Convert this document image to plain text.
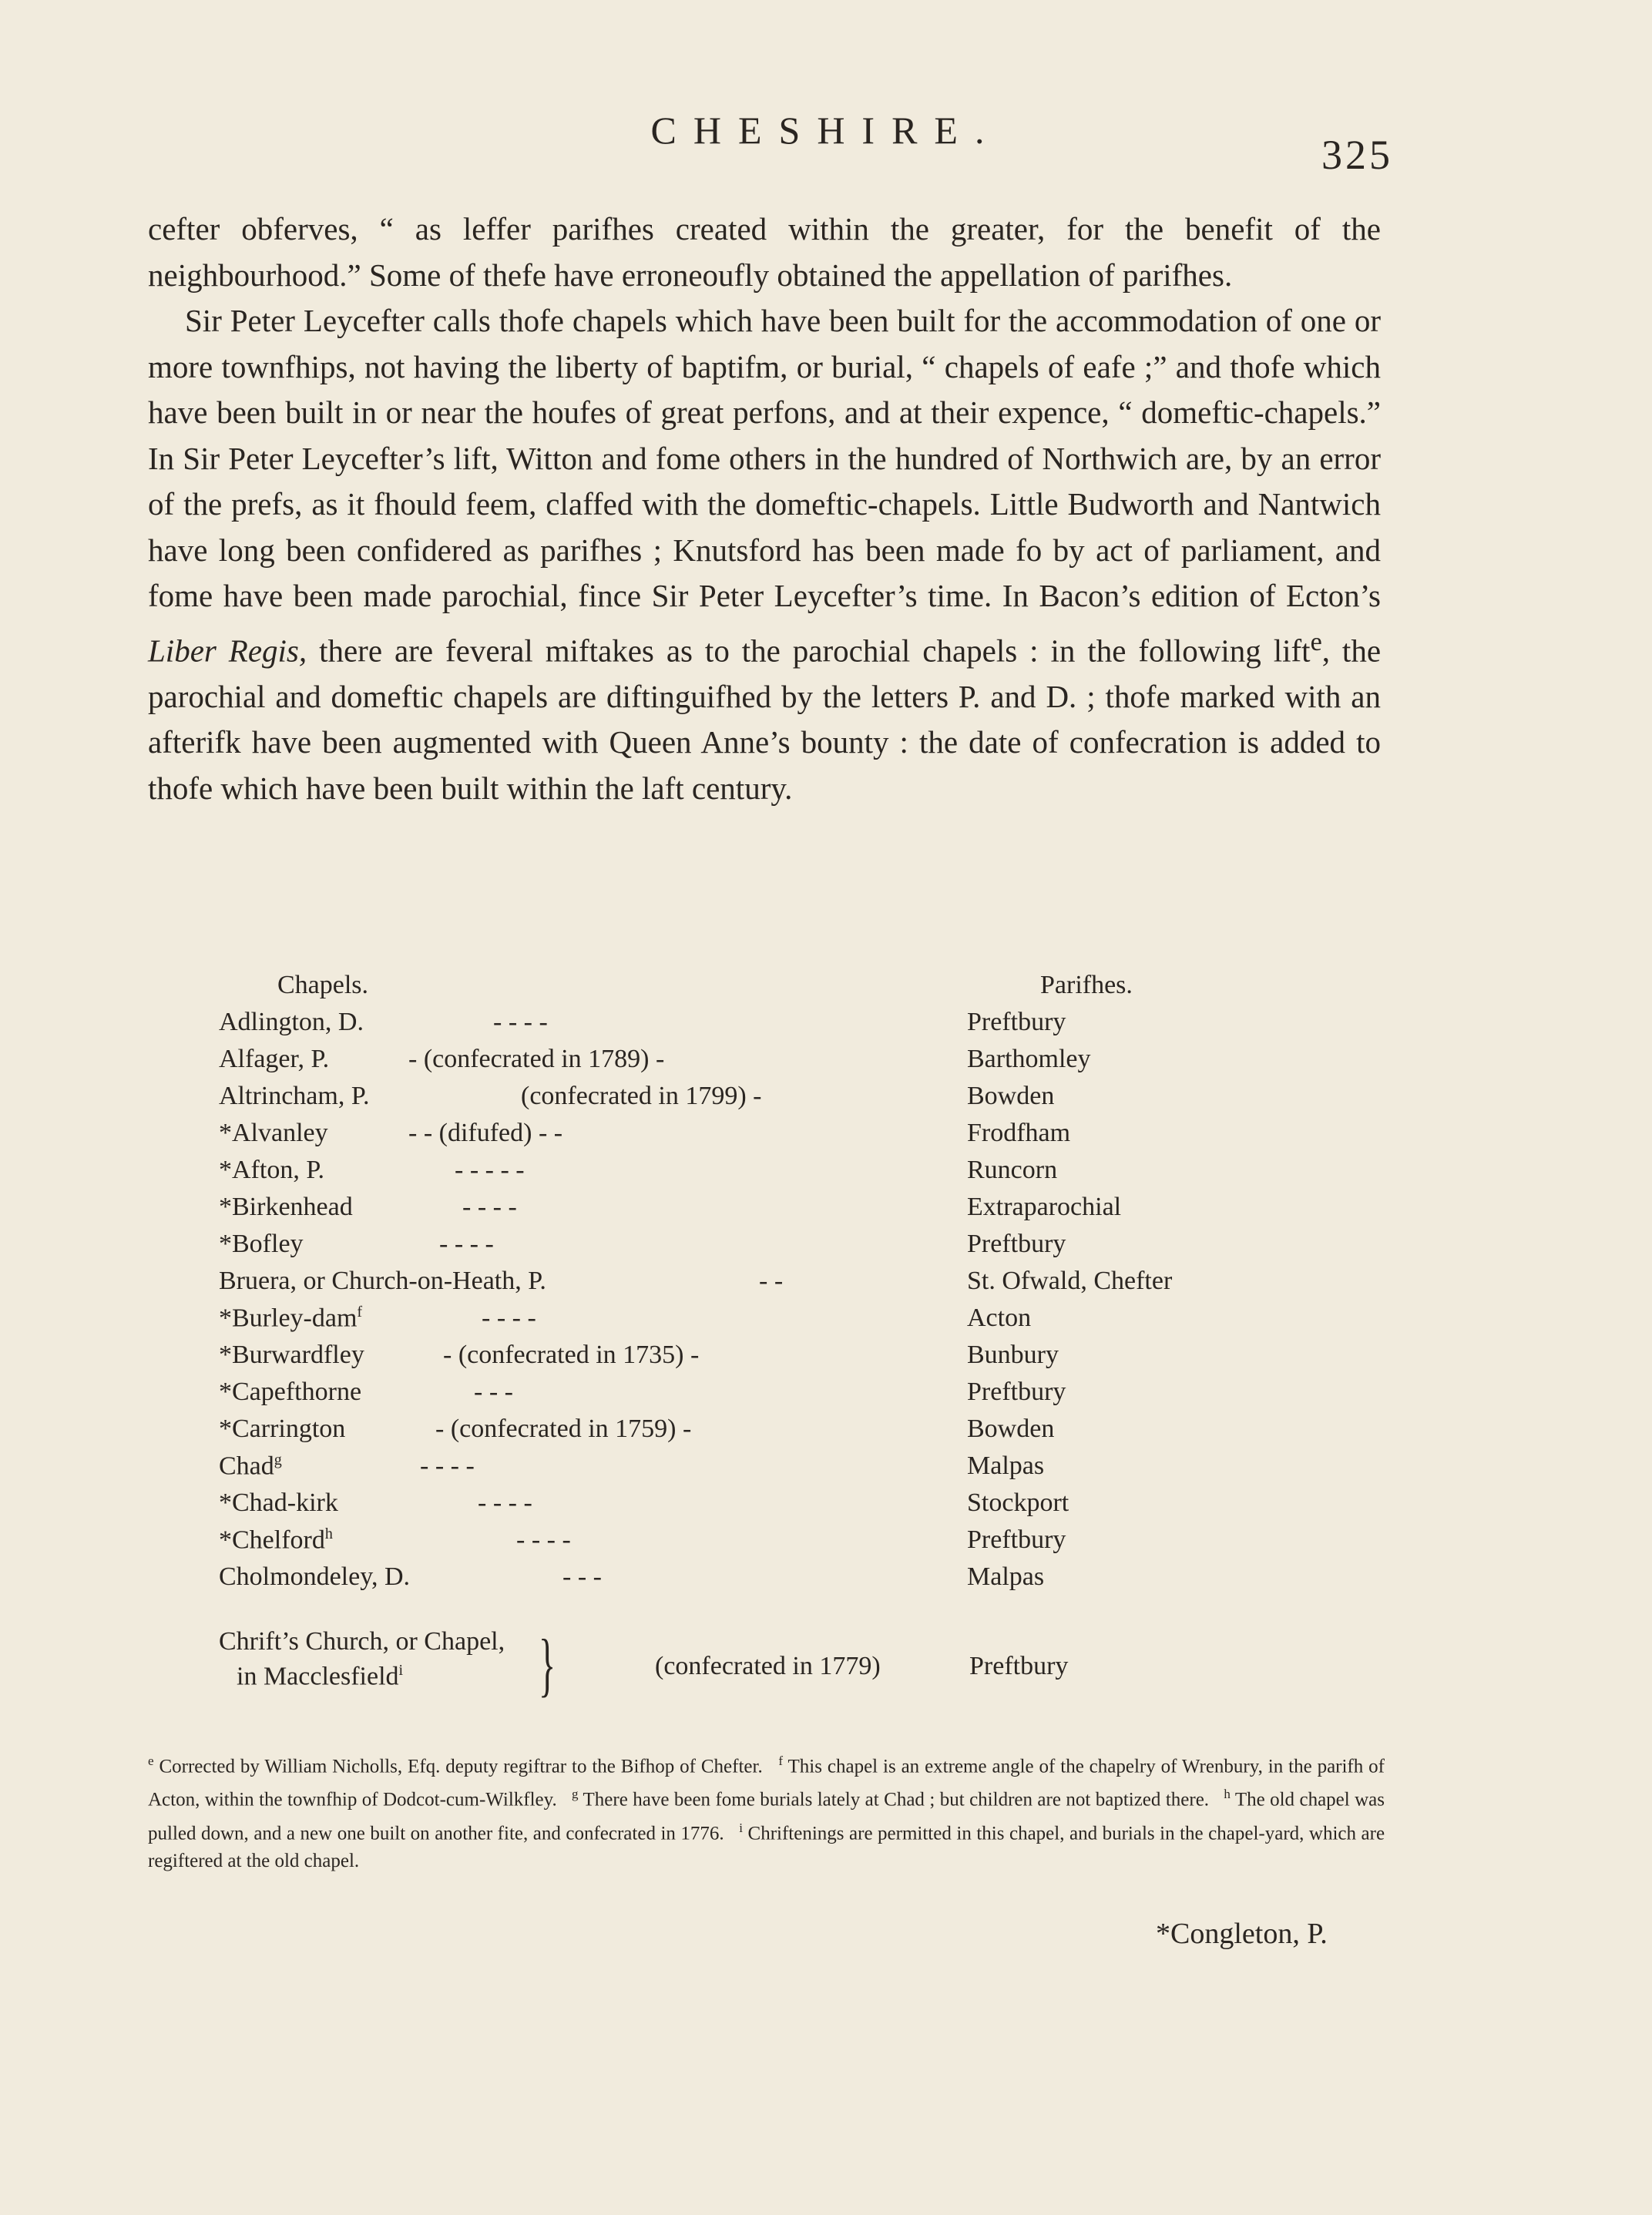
CHESHIRE.
325

cefter obferves, “ as leffer parifhes created within the greater, for the benefit of the neighbourhood.” Some of thefe have erroneoufly obtained the appellation of parifhes.

Sir Peter Leycefter calls thofe chapels which have been built for the accommodation of one or more townfhips, not having the liberty of baptifm, or burial, “ chapels of eafe ;” and thofe which have been built in or near the houfes of great perfons, and at their expence, “ domeftic-chapels.” In Sir Peter Leycefter’s lift, Witton and fome others in the hundred of Northwich are, by an error of the prefs, as it fhould feem, claffed with the domeftic-chapels. Little Budworth and Nantwich have long been confidered as parifhes ; Knutsford has been made fo by act of parliament, and fome have been made parochial, fince Sir Peter Leycefter’s time. In Bacon’s edition of Ecton’s Liber Regis, there are feveral miftakes as to the parochial chapels : in the following lift$^e$, the parochial and domeftic chapels are diftinguifhed by the letters P. and D. ; thofe marked with an afterifk have been augmented with Queen Anne’s bounty : the date of confecration is added to thofe which have been built within the laft century.

Chapels.	Parifhes.
Adlington, D.	- - - -	Preftbury
Alfager, P.	- (confecrated in 1789) -	Barthomley
Altrincham, P.	(confecrated in 1799) -	Bowden
*Alvanley	- - (difufed) - -	Frodfham
*Afton, P.	- - - - -	Runcorn
*Birkenhead	- - - -	Extraparochial
*Bofley	- - - -	Preftbury
Bruera, or Church-on-Heath, P.	- -	St. Ofwald, Chefter
*Burley-dam$^f$	- - - -	Acton
*Burwardfley	- (confecrated in 1735) -	Bunbury
*Capefthorne	- - -	Preftbury
*Carrington	- (confecrated in 1759) -	Bowden
Chad$^g$	- - - -	Malpas
*Chad-kirk	- - - -	Stockport
*Chelford$^h$	- - - -	Preftbury
Cholmondeley, D.	- - -	Malpas
Chrift’s Church, or Chapel,
in Macclesfield$^i$ }	(confecrated in 1779)	Preftbury

$^e$ Corrected by William Nicholls, Efq. deputy regiftrar to the Bifhop of Chefter. $^f$ This chapel is an extreme angle of the chapelry of Wrenbury, in the parifh of Acton, within the townfhip of Dodcot-cum-Wilkfley. $^g$ There have been fome burials lately at Chad ; but children are not baptized there. $^h$ The old chapel was pulled down, and a new one built on another fite, and confecrated in 1776. $^i$ Chriftenings are permitted in this chapel, and burials in the chapel-yard, which are regiftered at the old chapel.

*Congleton, P.
